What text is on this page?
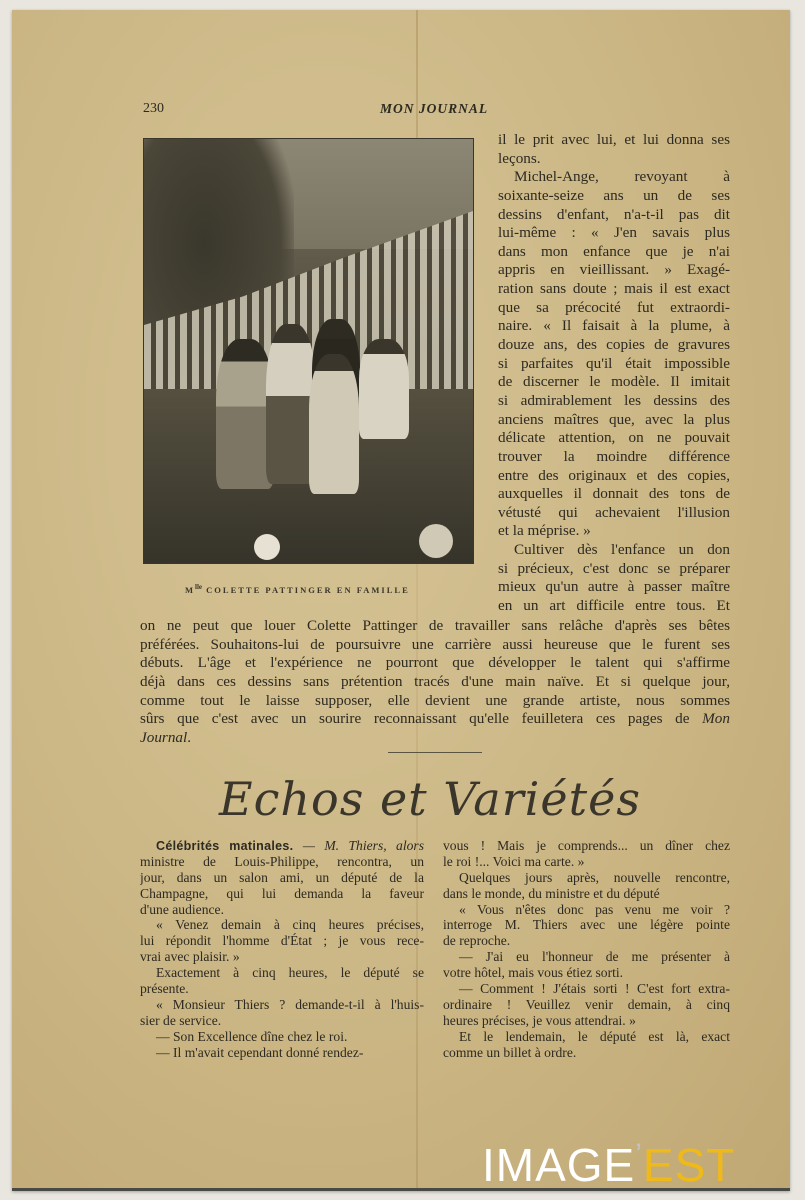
230	MON JOURNAL
$M^{lle}$ COLETTE PATTINGER EN FAMILLE
il le prit avec lui, et lui donna ses
leçons.
Michel-Ange, revoyant à
soixante-seize ans un de ses
dessins d'enfant, n'a-t-il pas dit
lui-même : « J'en savais plus
dans mon enfance que je n'ai
appris en vieillissant. » Exagé-
ration sans doute ; mais il est exact
que sa précocité fut extraordi-
naire. « Il faisait à la plume, à
douze ans, des copies de gravures
si parfaites qu'il était impossible
de discerner le modèle. Il imitait
si admirablement les dessins des
anciens maîtres que, avec la plus
délicate attention, on ne pouvait
trouver la moindre différence
entre des originaux et des copies,
auxquelles il donnait des tons de
vétusté qui achevaient l'illusion
et la méprise. »
Cultiver dès l'enfance un don
si précieux, c'est donc se préparer
mieux qu'un autre à passer maître
en un art difficile entre tous. Et
on ne peut que louer Colette Pattinger de travailler sans relâche d'après ses bêtes
préférées. Souhaitons-lui de poursuivre une carrière aussi heureuse que le furent ses
débuts. L'âge et l'expérience ne pourront que développer le talent qui s'affirme
déjà dans ces dessins sans prétention tracés d'une main naïve. Et si quelque jour,
comme tout le laisse supposer, elle devient une grande artiste, nous sommes
sûrs que c'est avec un sourire reconnaissant qu'elle feuilletera ces pages de Mon
Journal.
Echos et Variétés
Célébrités matinales. — M. Thiers, alors
ministre de Louis-Philippe, rencontra, un
jour, dans un salon ami, un député de la
Champagne, qui lui demanda la faveur
d'une audience.
« Venez demain à cinq heures précises,
lui répondit l'homme d'État ; je vous rece-
vrai avec plaisir. »
Exactement à cinq heures, le député se
présente.
« Monsieur Thiers ? demande-t-il à l'huis-
sier de service.
— Son Excellence dîne chez le roi.
— Il m'avait cependant donné rendez-
vous ! Mais je comprends... un dîner chez
le roi !... Voici ma carte. »
Quelques jours après, nouvelle rencontre,
dans le monde, du ministre et du député
« Vous n'êtes donc pas venu me voir ?
interroge M. Thiers avec une légère pointe
de reproche.
— J'ai eu l'honneur de me présenter à
votre hôtel, mais vous étiez sorti.
— Comment ! J'étais sorti ! C'est fort extra-
ordinaire ! Veuillez venir demain, à cinq
heures précises, je vous attendrai. »
Et le lendemain, le député est là, exact
comme un billet à ordre.
IMAGE’EST
